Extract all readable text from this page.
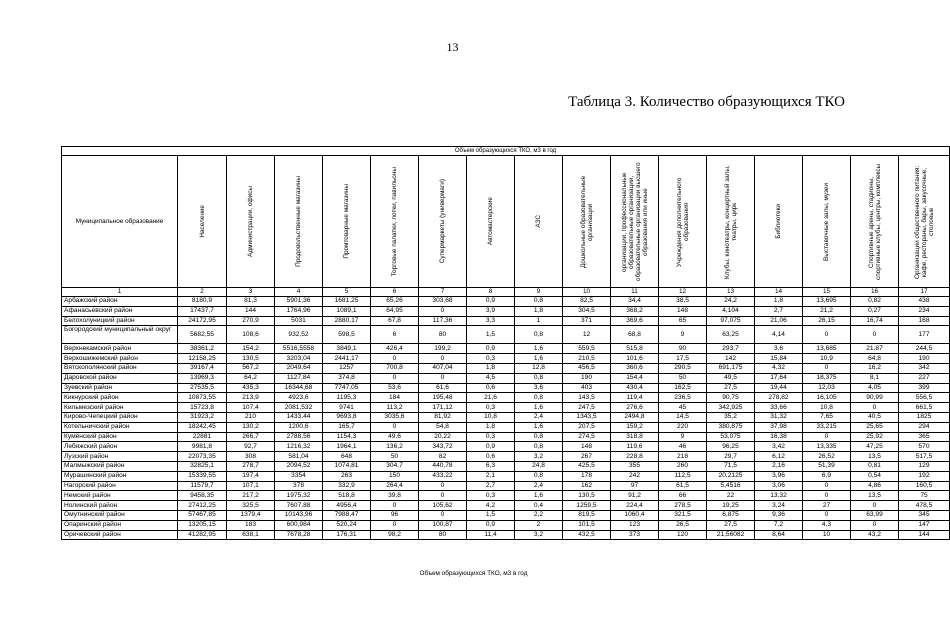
13
Таблица 3. Количество образующихся ТКО
Объем образующихся ТКО, м3 в год																
Муниципальное образование	Население	Администрации, офисы	Продовольственные магазины	Промтоварные магазины	Торговые палатки, лотки, павильоны	Супермаркеты (универмаги)	Автомастерские	АЗС	Дошкольные образовательные организации	организации, профессиональные образовательные организации, образовательные организации высшего образования или иные	Учреждения дополнительного образования	Клубы, кинотеатры, концертный залы, театры, цирк	Библиотеки	Выставочные залы, музеи	Спортивные арены, стадионы, спортивные клубы, центры, комплексы	Организации общественного питания: кафе, рестораны, бары, закусочные, столовые

1	2	3	4	5	6	7	8	9	10	11	12	13	14	15	16	17
Арбажский район	8180,9	81,3	5901,36	1681,25	65,26	303,68	0,9	0,8	82,5	34,4	38,5	24,2	1,8	13,695	0,82	438
Афанасьевский район	17437,7	144	1764,96	1089,1	64,95	0	3,9	1,8	304,5	368,2	148	4,104	2,7	21,2	0,27	234
Белохолуницкий район	24172,95	270,9	5031	2880,17	67,8	117,36	3,3	1	371	369,6	65	97,075	21,06	26,15	16,74	168
Богородский муниципальный округ	5682,55	108,6	932,52	598,5	6	80	1,5	0,8	12	68,8	9	63,25	4,14	0	0	177
Верхнекамский район	38361,2	154,2	5516,5558	3849,1	426,4	199,2	0,9	1,6	559,5	515,8	90	293,7	3,6	13,685	21,87	244,5
Верхошижемский район	12158,25	130,5	3203,04	2441,17	0	0	0,3	1,6	210,5	101,6	17,5	142	15,84	10,9	64,8	190
Вятскополянский район	39167,4	567,2	2049,64	1257	700,8	407,04	1,8	12,8	456,5	360,6	290,5	691,175	4,32	0	16,2	342
Даровской район	13969,3	64,2	1127,84	374,8	0	0	4,5	0,8	190	154,4	50	49,5	17,64	18,375	8,1	227
Зуевский район	27535,5	435,3	16344,68	7747,05	53,6	61,6	0,6	3,6	403	430,4	162,5	27,5	19,44	12,03	4,05	399
Кикнурский район	10873,55	213,9	4923,6	1195,3	184	195,48	21,6	0,8	143,5	119,4	236,5	90,75	278,82	16,105	90,99	556,5
Кильмезский район	15723,8	107,4	2081,532	9741	113,2	171,12	0,3	1,6	247,5	276,6	45	342,925	33,66	10,8	0	661,5
Кирово-Чепецкий район	31923,2	210	1433,44	9693,8	3035,6	81,92	10,8	2,4	1343,5	2494,8	14,5	35,2	31,32	7,65	40,5	1825
Котельничский район	18242,45	130,2	1200,6	165,7	0	54,8	1,8	1,6	207,5	159,2	220	380,875	37,98	33,215	25,65	294
Кумёнский район	22881	266,7	2788,56	1154,3	49,6	20,22	0,3	0,8	274,5	318,8	9	53,075	16,38	0	25,92	365
Лебяжский район	9981,8	92,7	1216,32	1964,1	136,2	343,72	0,9	0,8	148	119,6	46	96,25	3,42	13,335	47,25	570
Лузский район	22073,35	308	581,04	648	50	82	0,6	3,2	267	228,8	218	29,7	6,12	26,52	13,5	517,5
Малмыжский район	32825,1	278,7	2094,52	1074,81	304,7	440,78	6,3	24,8	425,5	355	260	71,5	2,16	51,39	0,81	129
Мурашинский район	15339,55	197,4	3354	263	150	433,22	2,1	0,8	178	242	112,5	20,2125	3,96	6,9	0,54	192
Нагорский район	11579,7	107,1	378	332,9	264,4	0	2,7	2,4	162	97	61,5	5,4516	3,06	0	4,86	160,5
Немский район	9458,35	217,2	1975,32	518,8	39,8	0	0,3	1,6	130,5	91,2	66	22	13,32	0	13,5	75
Нолинский район	27412,25	325,5	7607,88	4956,4	0	105,62	4,2	0,4	1259,5	224,4	278,5	19,25	3,24	27	0	478,5
Омутнинский район	57467,85	1379,4	10143,96	7988,47	96	0	1,5	2,2	819,5	1060,4	321,5	6,875	9,36	0	63,99	345
Опаринский район	13205,15	183	600,984	520,24	0	100,87	0,9	2	101,5	123	26,5	27,5	7,2	4,3	0	147
Оричевский район	41282,95	638,1	7678,28	176,31	98,2	80	11,4	3,2	432,5	373	120	21,56082	8,64	10	43,2	144
Объем образующихся ТКО, м3 в год
